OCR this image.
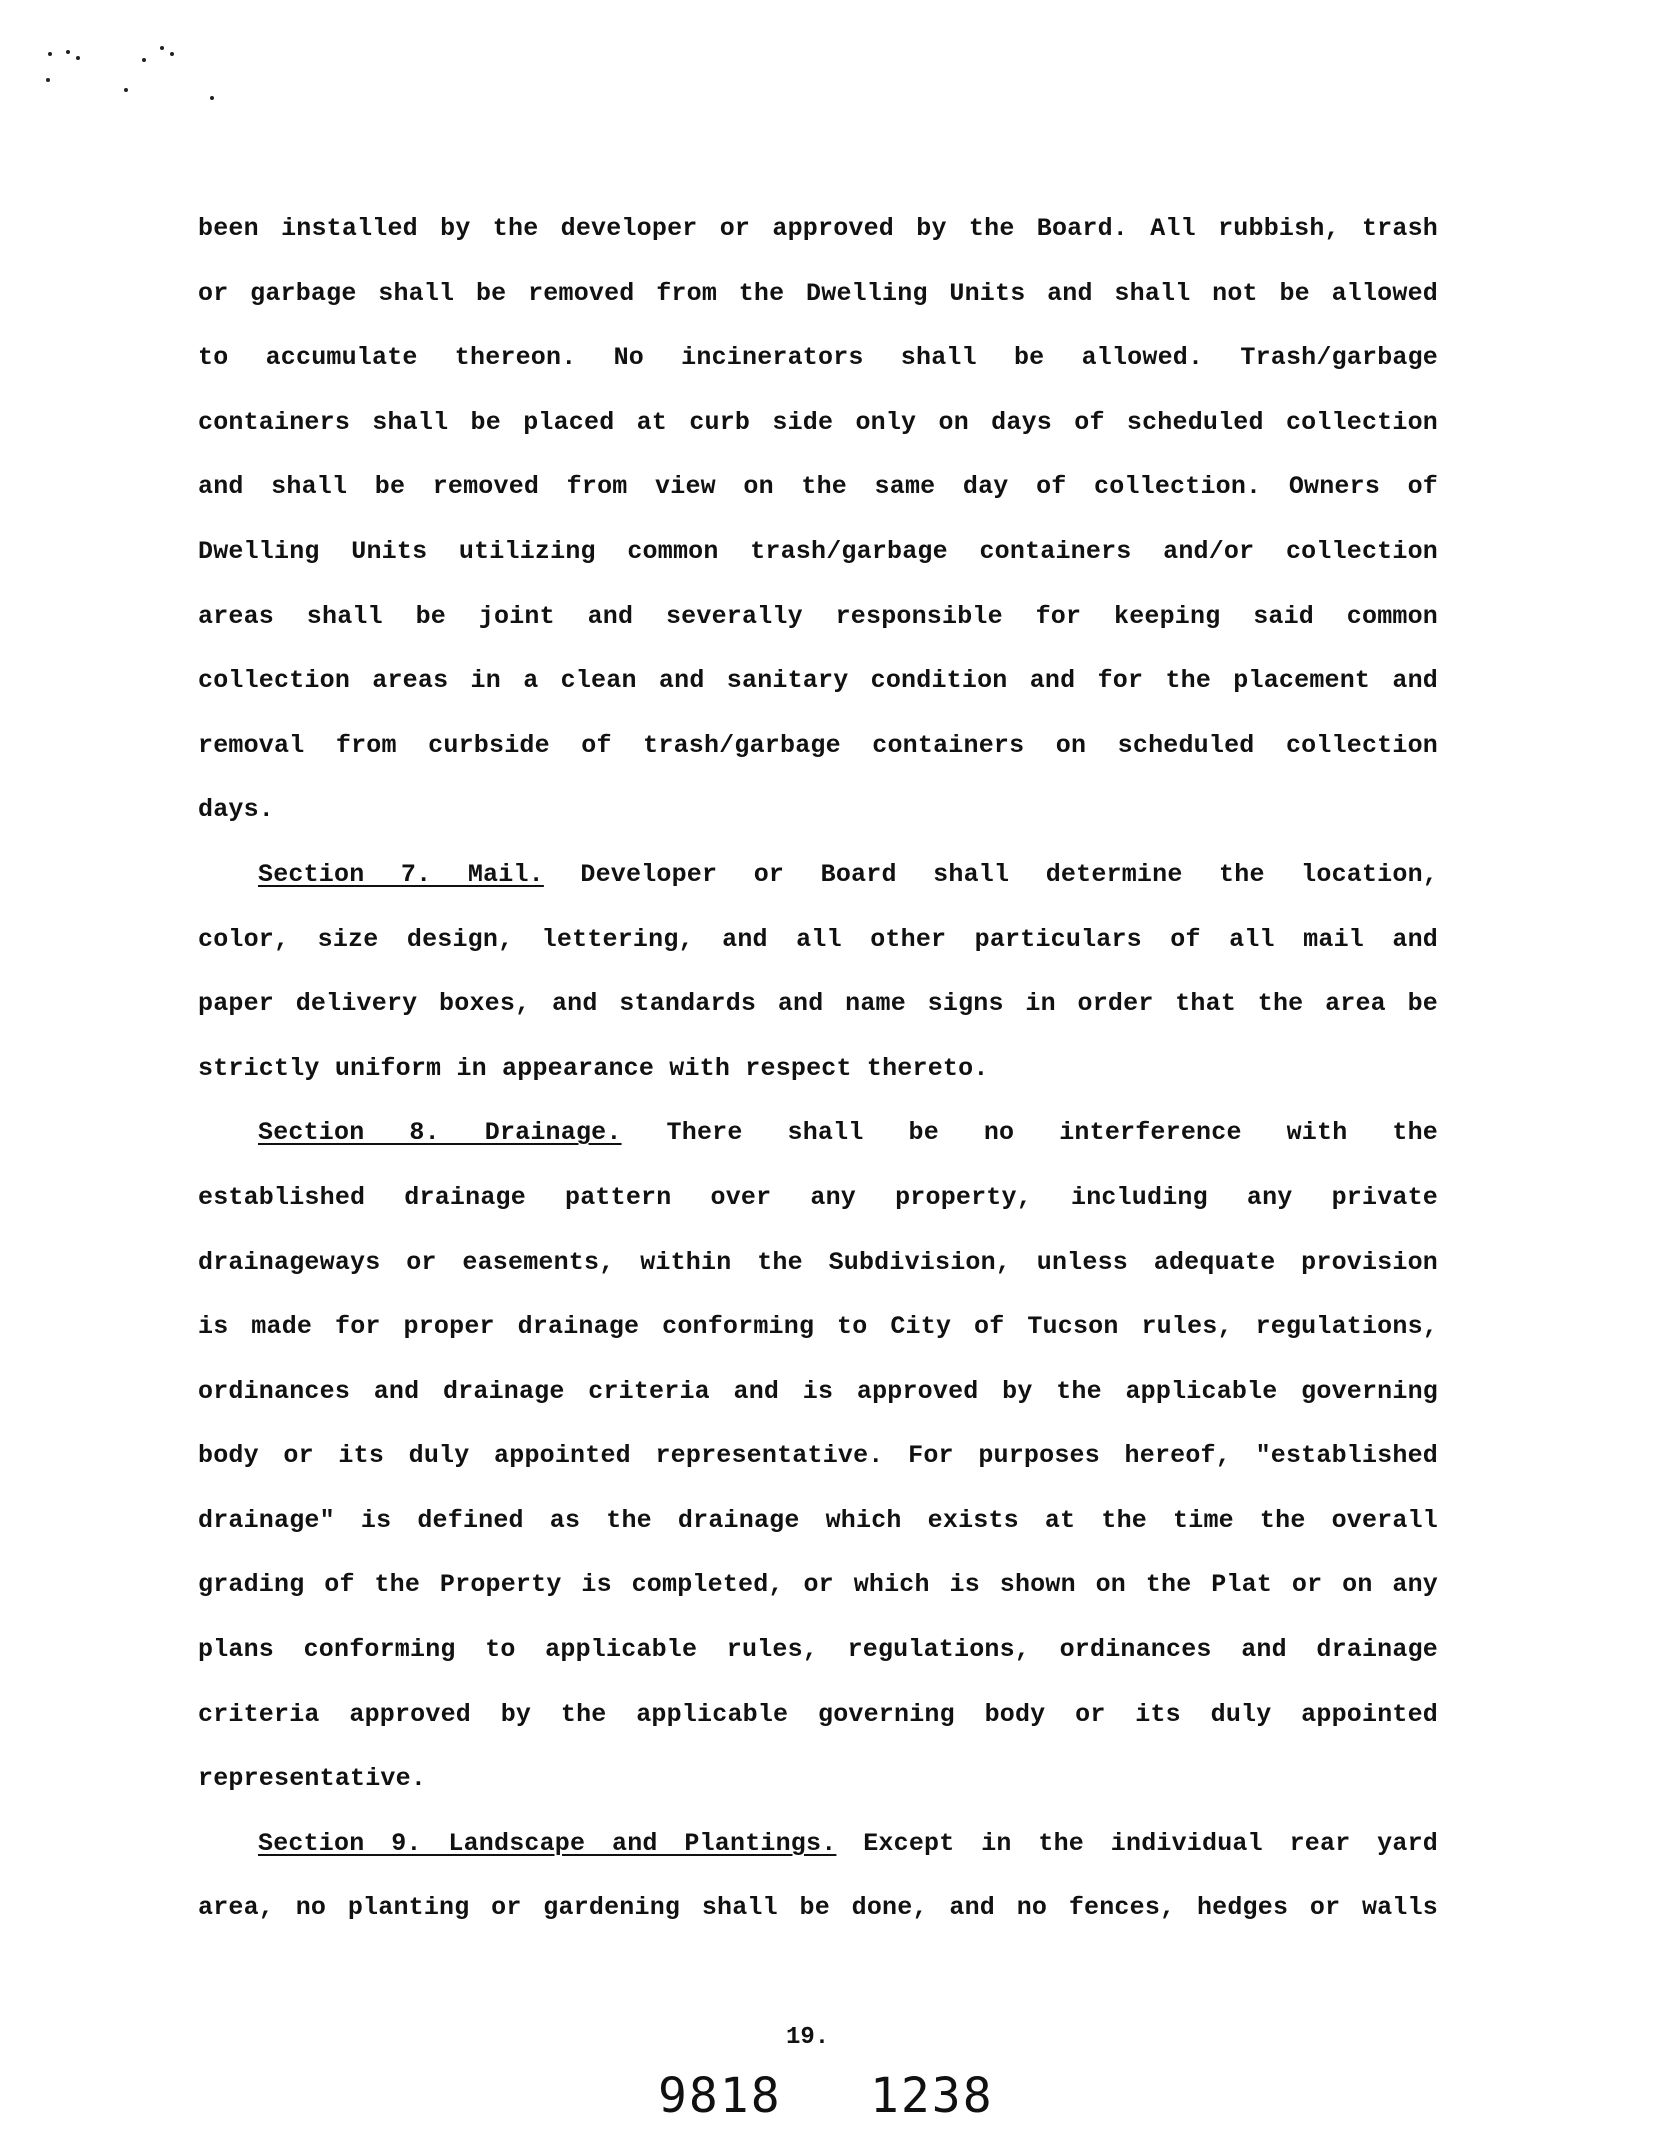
been installed by the developer or approved by the Board. All rubbish, trash
or garbage shall be removed from the Dwelling Units and shall not be allowed
to accumulate thereon. No incinerators shall be allowed. Trash/garbage
containers shall be placed at curb side only on days of scheduled collection
and shall be removed from view on the same day of collection. Owners of
Dwelling Units utilizing common trash/garbage containers and/or collection
areas shall be joint and severally responsible for keeping said common
collection areas in a clean and sanitary condition and for the placement and
removal from curbside of trash/garbage containers on scheduled collection
days.
Section 7. Mail. Developer or Board shall determine the location,
color, size design, lettering, and all other particulars of all mail and
paper delivery boxes, and standards and name signs in order that the area be
strictly uniform in appearance with respect thereto.
Section 8. Drainage. There shall be no interference with the
established drainage pattern over any property, including any private
drainageways or easements, within the Subdivision, unless adequate provision
is made for proper drainage conforming to City of Tucson rules, regulations,
ordinances and drainage criteria and is approved by the applicable governing
body or its duly appointed representative. For purposes hereof, "established
drainage" is defined as the drainage which exists at the time the overall
grading of the Property is completed, or which is shown on the Plat or on any
plans conforming to applicable rules, regulations, ordinances and drainage
criteria approved by the applicable governing body or its duly appointed
representative.
Section 9. Landscape and Plantings. Except in the individual rear yard
area, no planting or gardening shall be done, and no fences, hedges or walls
19.
9818 1238
